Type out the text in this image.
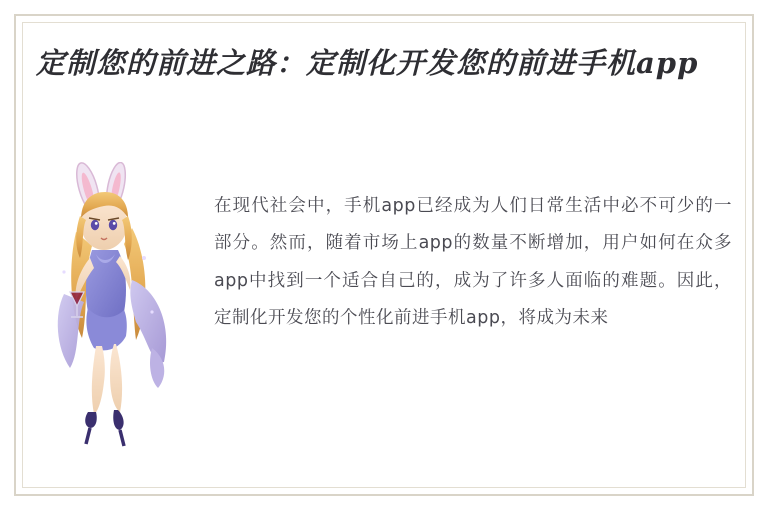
定制您的前进之路：定制化开发您的前进手机app

在现代社会中，手机app已经成为人们日常生活中必不可少的一部分。然而，随着市场上app的数量不断增加，用户如何在众多app中找到一个适合自己的，成为了许多人面临的难题。因此，定制化开发您的个性化前进手机app，将成为未来
